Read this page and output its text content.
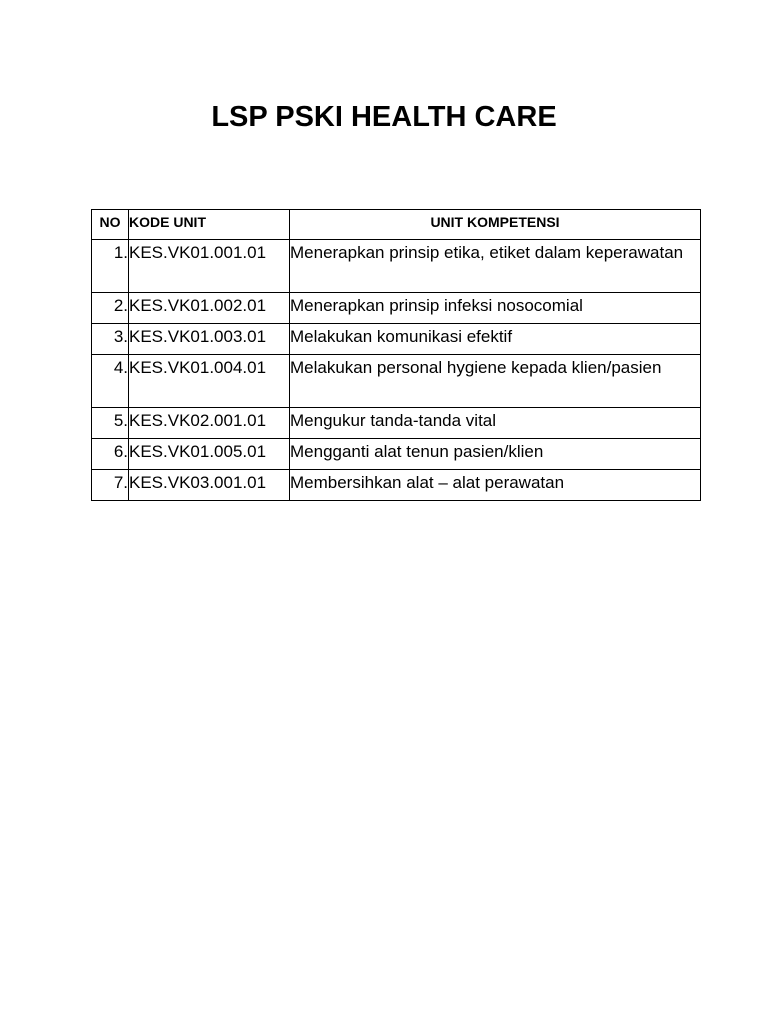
LSP PSKI HEALTH CARE
NO	KODE UNIT	UNIT KOMPETENSI
1.	KES.VK01.001.01	Menerapkan prinsip etika, etiket dalam keperawatan
2.	KES.VK01.002.01	Menerapkan prinsip infeksi nosocomial
3.	KES.VK01.003.01	Melakukan komunikasi efektif
4.	KES.VK01.004.01	Melakukan personal hygiene kepada klien/pasien
5.	KES.VK02.001.01	Mengukur tanda-tanda vital
6.	KES.VK01.005.01	Mengganti alat tenun pasien/klien
7.	KES.VK03.001.01	Membersihkan alat – alat perawatan
